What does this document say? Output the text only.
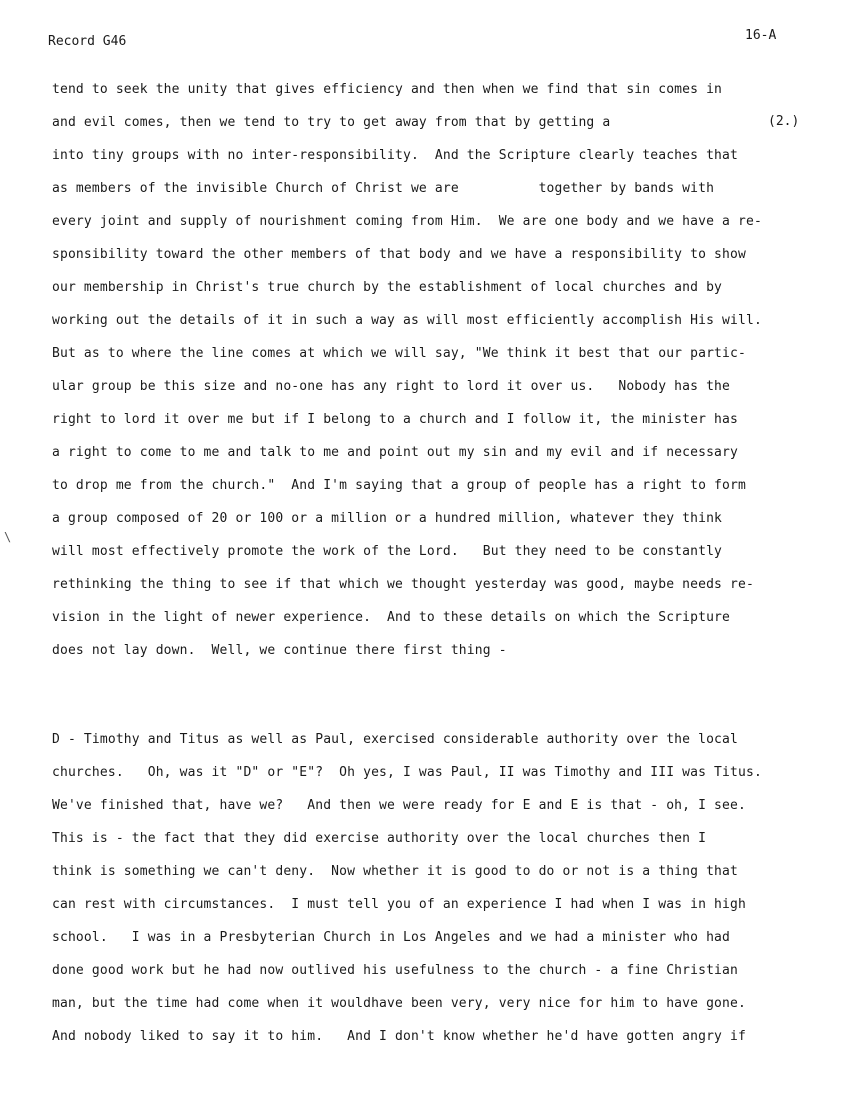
Record G46	16-A
(2.)
\
tend to seek the unity that gives efficiency and then when we find that sin comes in
and evil comes, then we tend to try to get away from that by getting a
into tiny groups with no inter-responsibility.  And the Scripture clearly teaches that
as members of the invisible Church of Christ we are          together by bands with
every joint and supply of nourishment coming from Him.  We are one body and we have a re-
sponsibility toward the other members of that body and we have a responsibility to show
our membership in Christ's true church by the establishment of local churches and by
working out the details of it in such a way as will most efficiently accomplish His will.
But as to where the line comes at which we will say, "We think it best that our partic-
ular group be this size and no-one has any right to lord it over us.   Nobody has the
right to lord it over me but if I belong to a church and I follow it, the minister has
a right to come to me and talk to me and point out my sin and my evil and if necessary
to drop me from the church."  And I'm saying that a group of people has a right to form
a group composed of 20 or 100 or a million or a hundred million, whatever they think
will most effectively promote the work of the Lord.   But they need to be constantly
rethinking the thing to see if that which we thought yesterday was good, maybe needs re-
vision in the light of newer experience.  And to these details on which the Scripture
does not lay down.  Well, we continue there first thing -
D - Timothy and Titus as well as Paul, exercised considerable authority over the local
churches.   Oh, was it "D" or "E"?  Oh yes, I was Paul, II was Timothy and III was Titus.
We've finished that, have we?   And then we were ready for E and E is that - oh, I see.
This is - the fact that they did exercise authority over the local churches then I
think is something we can't deny.  Now whether it is good to do or not is a thing that
can rest with circumstances.  I must tell you of an experience I had when I was in high
school.   I was in a Presbyterian Church in Los Angeles and we had a minister who had
done good work but he had now outlived his usefulness to the church - a fine Christian
man, but the time had come when it wouldhave been very, very nice for him to have gone.
And nobody liked to say it to him.   And I don't know whether he'd have gotten angry if
